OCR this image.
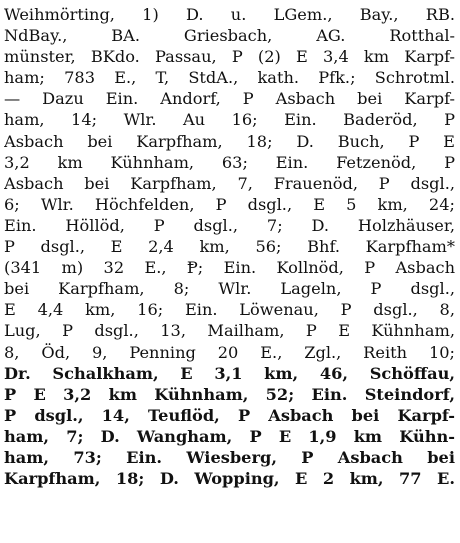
Weihmörting, 1) D. u. LGem., Bay., RB.
NdBay., BA. Griesbach, AG. Rotthal-
münster, BKdo. Passau, P (2) E 3,4 km Karpf-
ham; 783 E., T, StdA., kath. Pfk.; Schrotml.
— Dazu Ein. Andorf, P Asbach bei Karpf-
ham, 14; Wlr. Au 16; Ein. Baderöd, P
Asbach bei Karpfham, 18; D. Buch, P E
3,2 km Kühnham, 63; Ein. Fetzenöd, P
Asbach bei Karpfham, 7, Frauenöd, P dsgl.,
6; Wlr. Höchfelden, P dsgl., E 5 km, 24;
Ein. Höllöd, P dsgl., 7; D. Holzhäuser,
P dsgl., E 2,4 km, 56; Bhf. Karpfham*
(341 m) 32 E., Ᵽ; Ein. Kollnöd, P Asbach
bei Karpfham, 8; Wlr. Lageln, P dsgl.,
E 4,4 km, 16; Ein. Löwenau, P dsgl., 8,
Lug, P dsgl., 13, Mailham, P E Kühnham,
8, Öd, 9, Penning 20 E., Zgl., Reith 10;
Dr. Schalkham, E 3,1 km, 46, Schöffau,
P E 3,2 km Kühnham, 52; Ein. Steindorf,
P dsgl., 14, Teuflöd, P Asbach bei Karpf-
ham, 7; D. Wangham, P E 1,9 km Kühn-
ham, 73; Ein. Wiesberg, P Asbach bei
Karpfham, 18; D. Wopping, E 2 km, 77 E.
